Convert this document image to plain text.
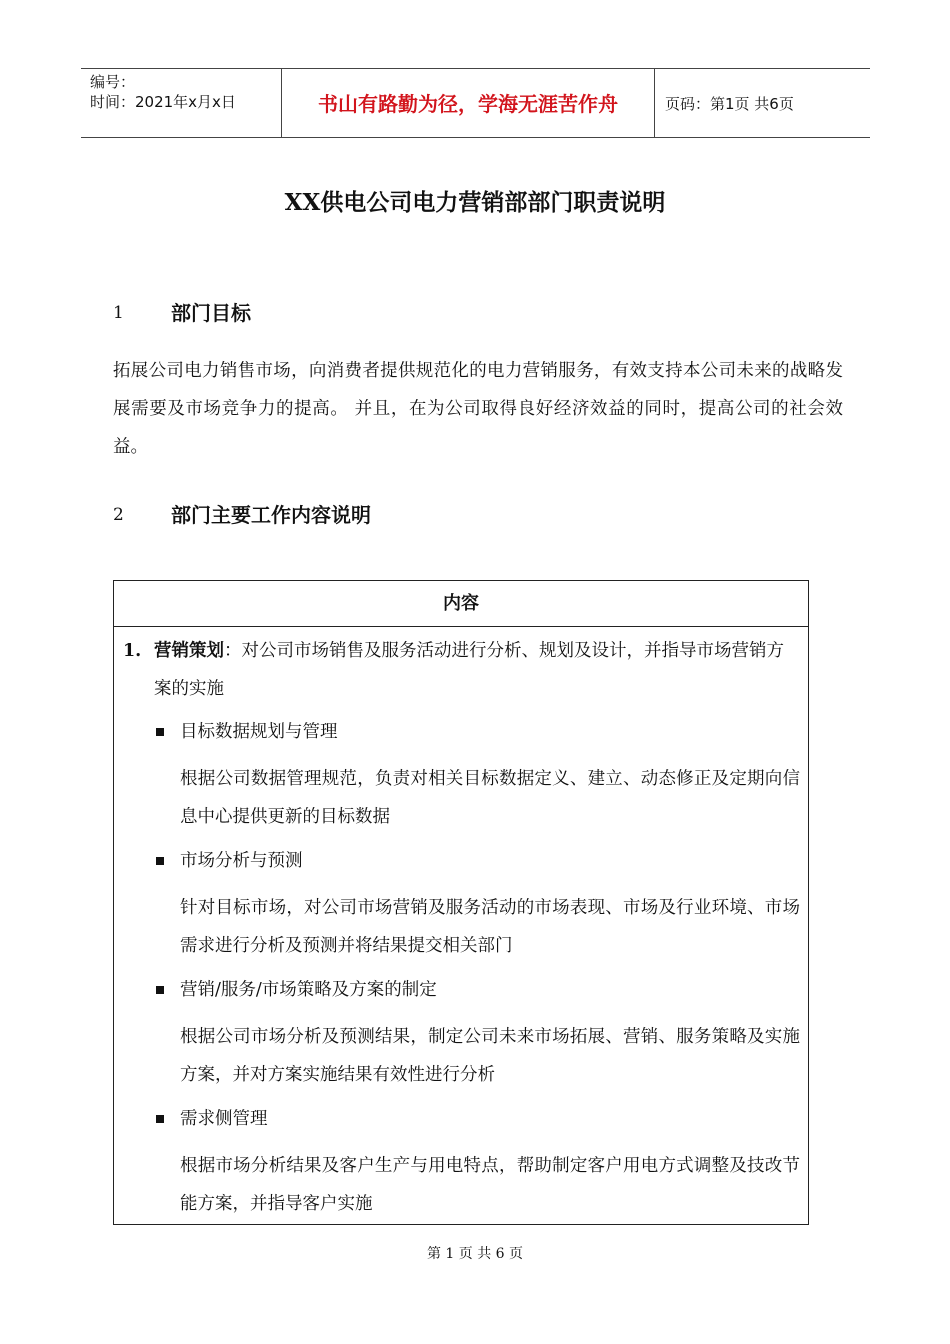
编号：
时间：2021年x月x日	书山有路勤为径，学海无涯苦作舟	页码：第1页 共6页
XX供电公司电力营销部部门职责说明
1 部门目标
拓展公司电力销售市场，向消费者提供规范化的电力营销服务，有效支持本公司未来的战略发展需要及市场竞争力的提高。 并且，在为公司取得良好经济效益的同时，提高公司的社会效益。
2 部门主要工作内容说明
内容
1. 营销策划：对公司市场销售及服务活动进行分析、规划及设计，并指导市场营销方案的实施
目标数据规划与管理
根据公司数据管理规范，负责对相关目标数据定义、建立、动态修正及定期向信息中心提供更新的目标数据
市场分析与预测
针对目标市场，对公司市场营销及服务活动的市场表现、市场及行业环境、市场需求进行分析及预测并将结果提交相关部门
营销/服务/市场策略及方案的制定
根据公司市场分析及预测结果，制定公司未来市场拓展、营销、服务策略及实施方案，并对方案实施结果有效性进行分析
需求侧管理
根据市场分析结果及客户生产与用电特点，帮助制定客户用电方式调整及技改节能方案，并指导客户实施
第 1 页 共 6 页
